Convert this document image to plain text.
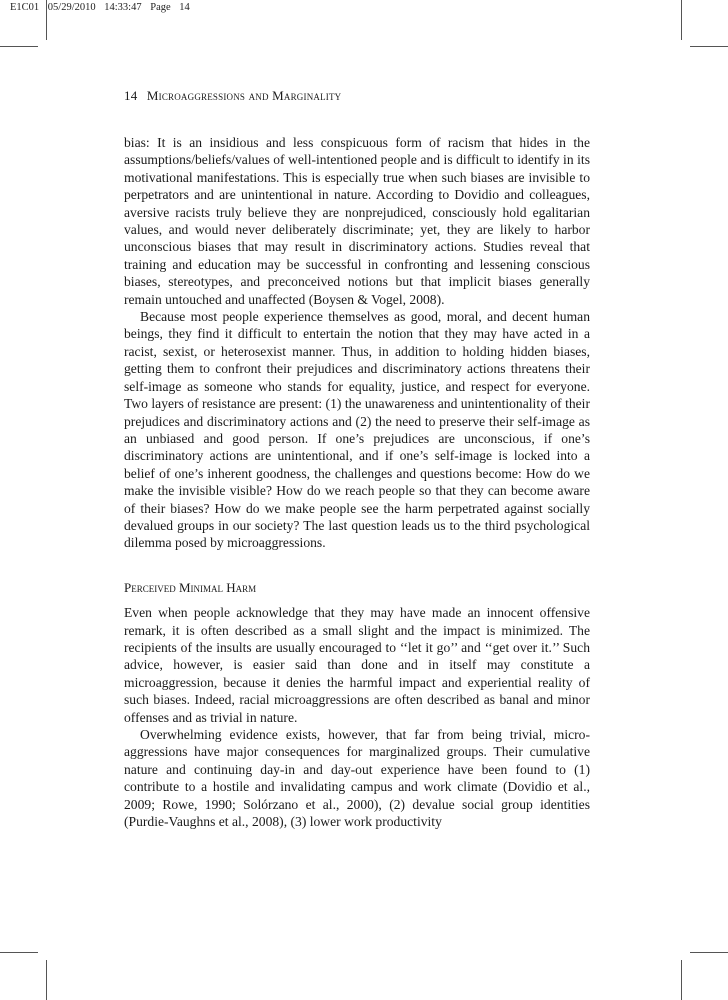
E1C01 05/29/2010 14:33:47 Page 14
14 Microaggressions and Marginality

bias: It is an insidious and less conspicuous form of racism that hides in the assumptions/beliefs/values of well-intentioned people and is difficult to identify in its motivational manifestations. This is especially true when such biases are invisible to perpetrators and are unintentional in nature. According to Dovidio and colleagues, aversive racists truly believe they are nonprejudiced, consciously hold egalitarian values, and would never deliberately discriminate; yet, they are likely to harbor unconscious biases that may result in discriminatory actions. Studies reveal that training and education may be successful in confronting and lessening conscious biases, stereotypes, and preconceived notions but that implicit biases generally remain untouched and unaffected (Boysen & Vogel, 2008).

Because most people experience themselves as good, moral, and decent human beings, they find it difficult to entertain the notion that they may have acted in a racist, sexist, or heterosexist manner. Thus, in addition to holding hidden biases, getting them to confront their prejudices and discriminatory actions threatens their self-image as someone who stands for equality, justice, and respect for everyone. Two layers of resistance are present: (1) the unawareness and unintentionality of their prejudices and discriminatory actions and (2) the need to preserve their self-image as an unbiased and good person. If one’s prejudices are unconscious, if one’s discriminatory actions are unintentional, and if one’s self-image is locked into a belief of one’s inherent goodness, the challenges and questions become: How do we make the invisible visible? How do we reach people so that they can become aware of their biases? How do we make people see the harm perpetrated against socially devalued groups in our society? The last question leads us to the third psychological dilemma posed by microaggressions.

Perceived Minimal Harm

Even when people acknowledge that they may have made an innocent offensive remark, it is often described as a small slight and the impact is minimized. The recipients of the insults are usually encouraged to ‘‘let it go’’ and ‘‘get over it.’’ Such advice, however, is easier said than done and in itself may constitute a microaggression, because it denies the harmful impact and experiential reality of such biases. Indeed, racial microaggressions are often described as banal and minor offenses and as trivial in nature.

Overwhelming evidence exists, however, that far from being trivial, microaggressions have major consequences for marginalized groups. Their cumulative nature and continuing day-in and day-out experience have been found to (1) contribute to a hostile and invalidating campus and work climate (Dovidio et al., 2009; Rowe, 1990; Solórzano et al., 2000), (2) devalue social group identities (Purdie-Vaughns et al., 2008), (3) lower work productivity
